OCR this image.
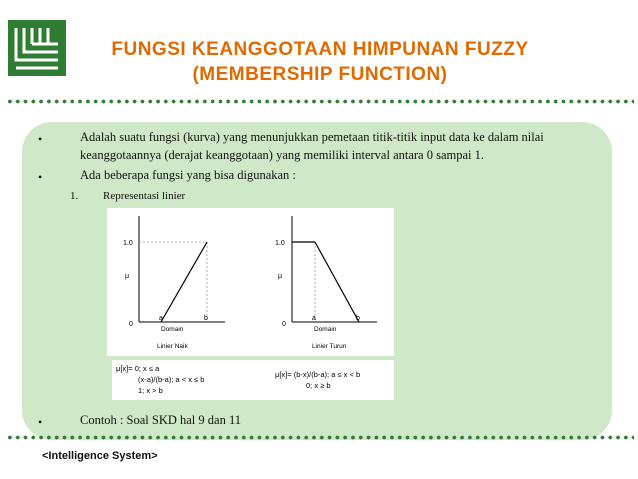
FUNGSI KEANGGOTAAN HIMPUNAN FUZZY
(MEMBERSHIP FUNCTION)
•	Adalah suatu fungsi (kurva) yang menunjukkan pemetaan titik-titik input data ke dalam nilai
keanggotaannya (derajat keanggotaan) yang memiliki interval antara 0 sampai 1.
•	Ada beberapa fungsi yang bisa digunakan :
1. Representasi linier
1.0
μ
0
a	b
Domain
Linier Naik
1.0
μ
0
a	b
Domain
Linier Turun
μ[x]= 0; x ≤ a
(x-a)/(b-a); a < x ≤ b
1; x > b
μ[x]= (b-x)/(b-a); a ≤ x < b
0; x ≥ b
•	Contoh : Soal SKD hal 9 dan 11
<Intelligence System>
